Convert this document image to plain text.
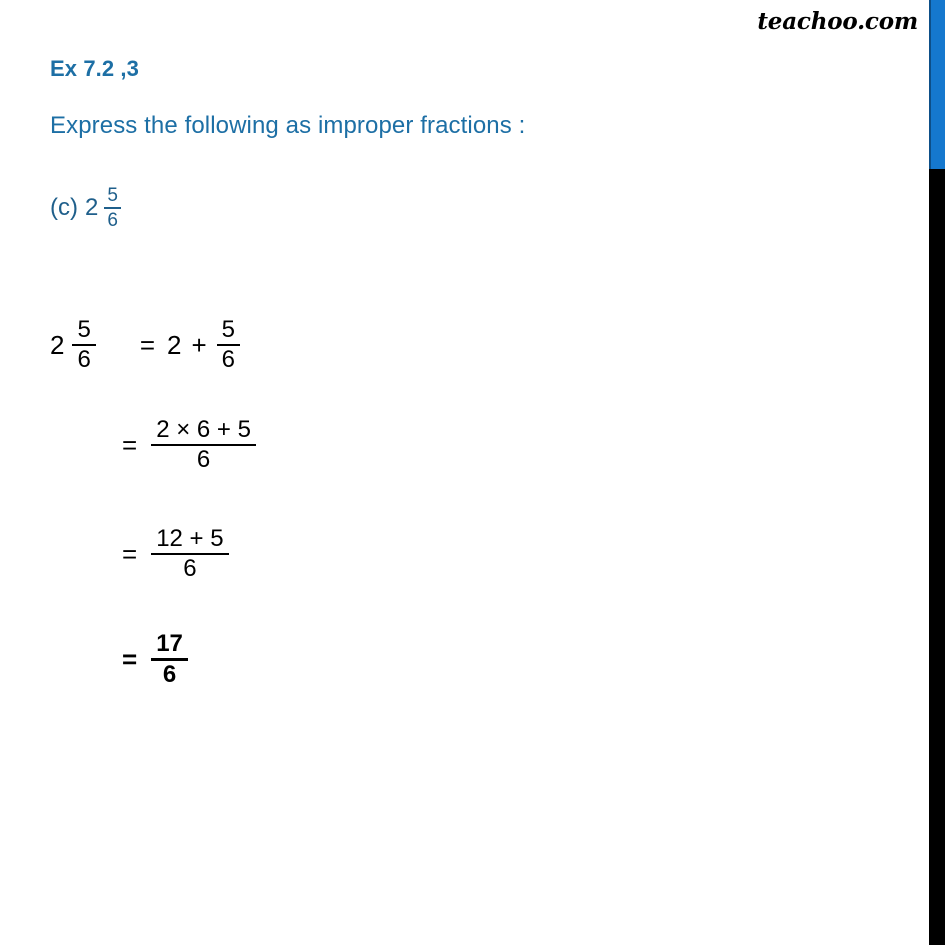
teachoo.com
Ex 7.2 ,3
Express the following as improper fractions :
(c) $2 \frac{5}{6}$
$2 \frac{5}{6} = 2 + \frac{5}{6}$
= $\frac{2 \times 6 + 5}{6}$
= $\frac{12 + 5}{6}$
= $\frac{17}{6}$
